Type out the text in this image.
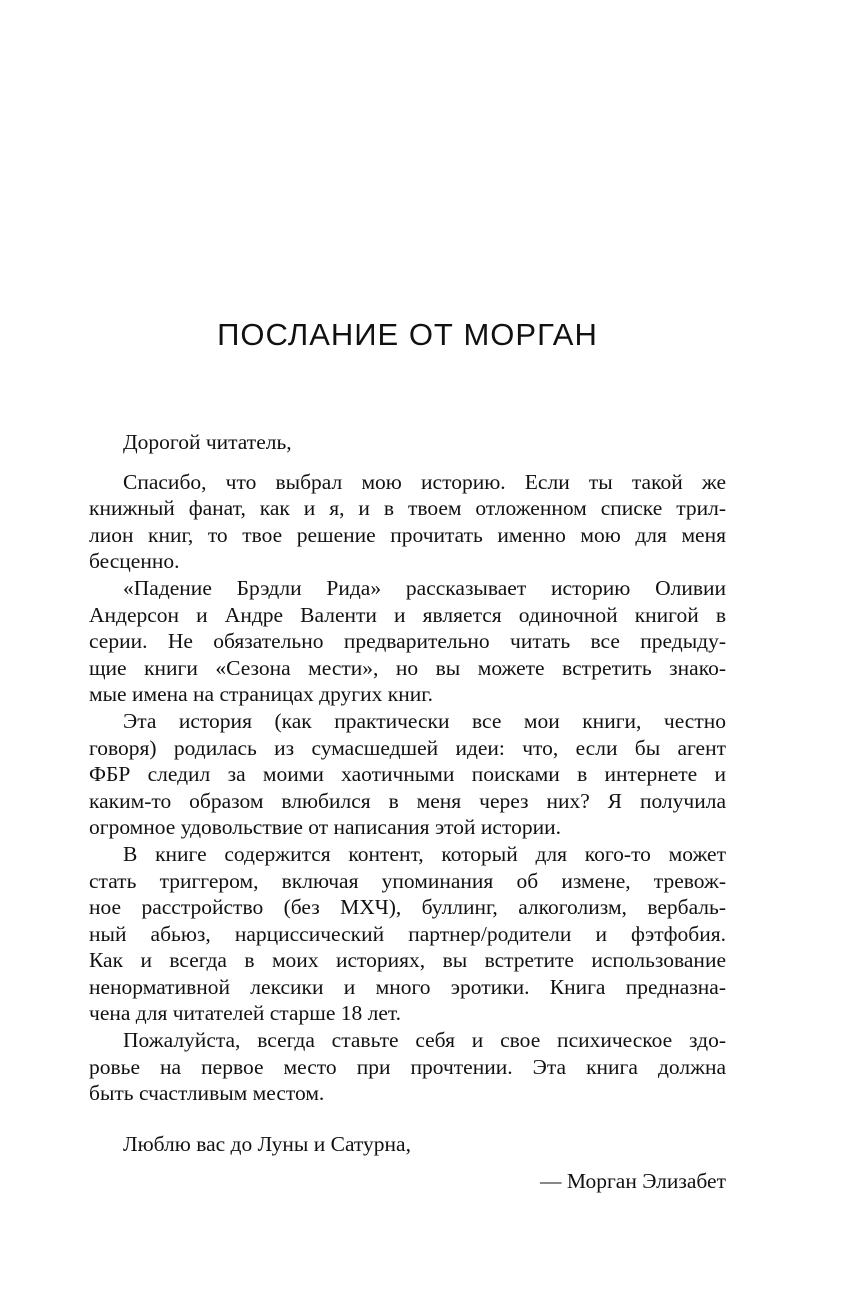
ПОСЛАНИЕ ОТ МОРГАН

Дорогой читатель,

Спасибо, что выбрал мою историю. Если ты такой же
книжный фанат, как и я, и в твоем отложенном списке трил-
лион книг, то твое решение прочитать именно мою для меня
бесценно.

«Падение Брэдли Рида» рассказывает историю Оливии
Андерсон и Андре Валенти и является одиночной книгой в
серии. Не обязательно предварительно читать все предыду-
щие книги «Сезона мести», но вы можете встретить знако-
мые имена на страницах других книг.

Эта история (как практически все мои книги, честно
говоря) родилась из сумасшедшей идеи: что, если бы агент
ФБР следил за моими хаотичными поисками в интернете и
каким-то образом влюбился в меня через них? Я получила
огромное удовольствие от написания этой истории.

В книге содержится контент, который для кого-то может
стать триггером, включая упоминания об измене, тревож-
ное расстройство (без МХЧ), буллинг, алкоголизм, вербаль-
ный абьюз, нарциссический партнер/родители и фэтфобия.
Как и всегда в моих историях, вы встретите использование
ненормативной лексики и много эротики. Книга предназна-
чена для читателей старше 18 лет.

Пожалуйста, всегда ставьте себя и свое психическое здо-
ровье на первое место при прочтении. Эта книга должна
быть счастливым местом.

Люблю вас до Луны и Сатурна,

— Морган Элизабет
